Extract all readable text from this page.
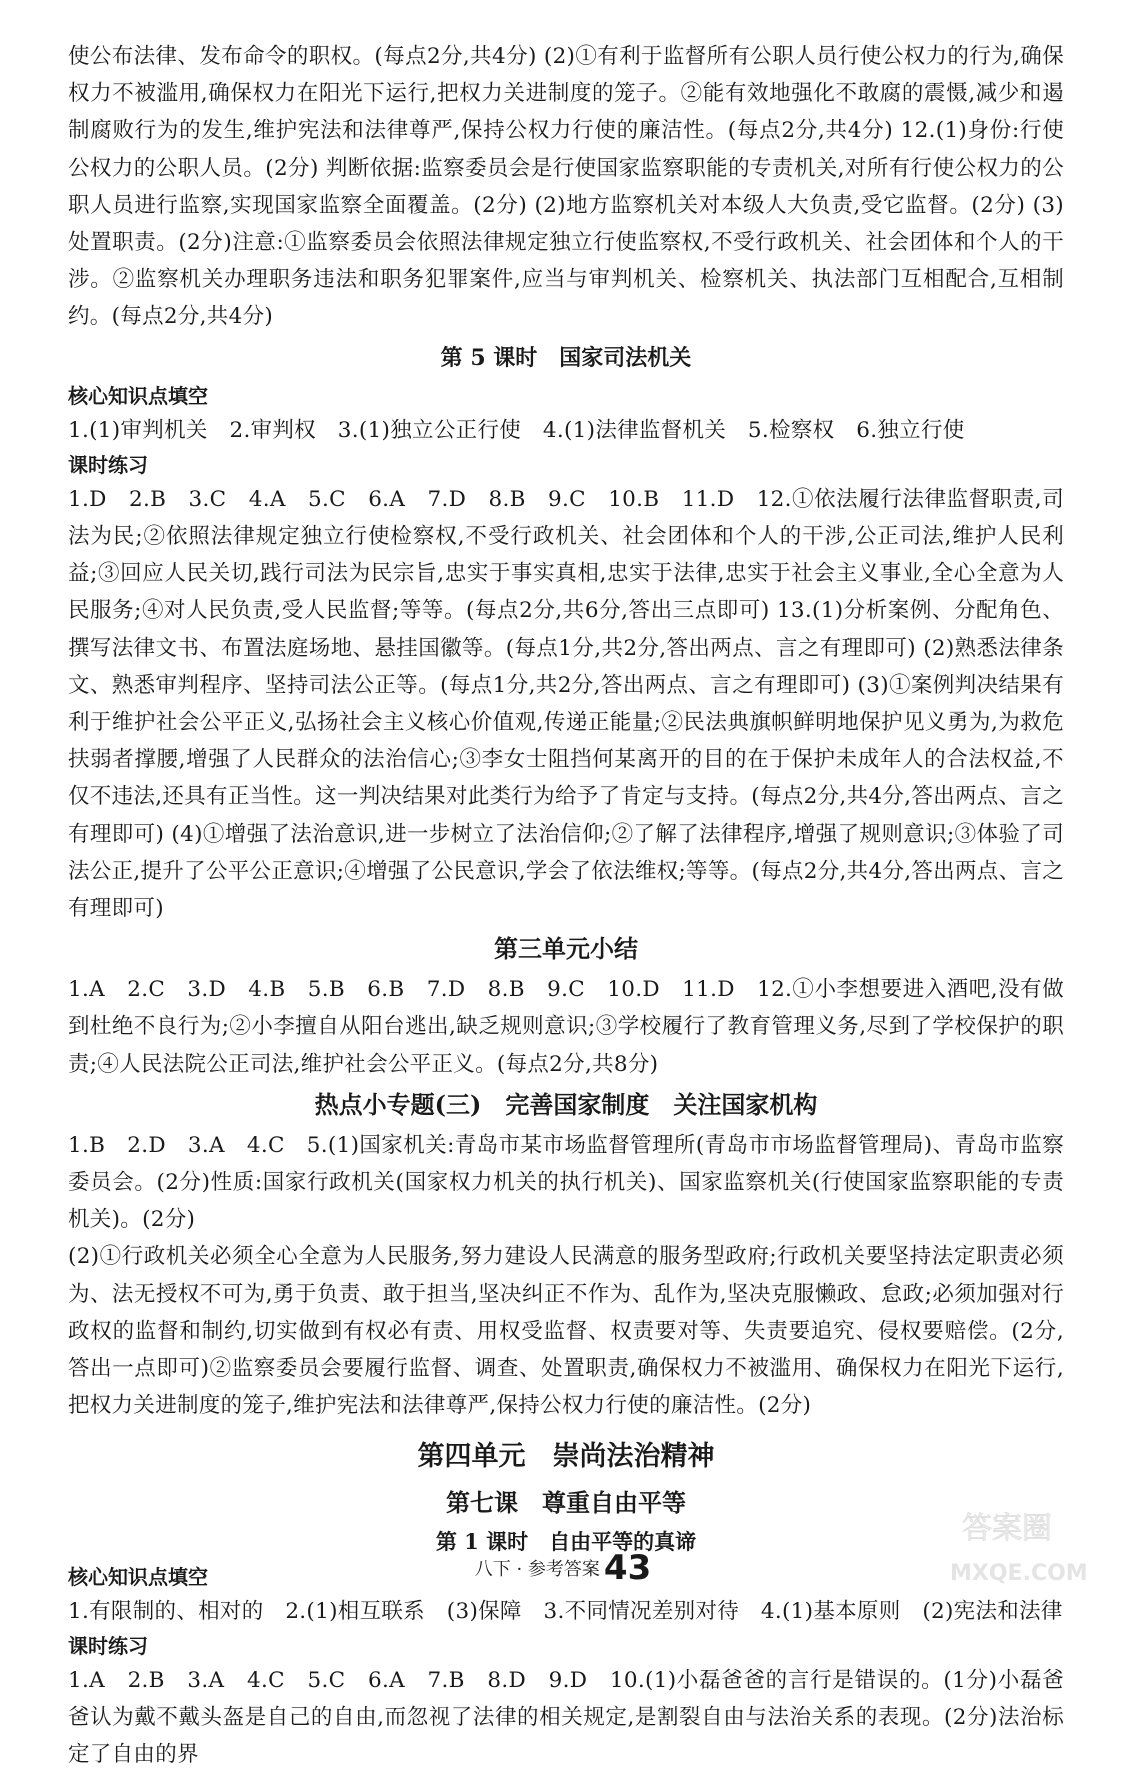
使公布法律、发布命令的职权。(每点2分,共4分) (2)①有利于监督所有公职人员行使公权力的行为,确保权力不被滥用,确保权力在阳光下运行,把权力关进制度的笼子。②能有效地强化不敢腐的震慑,减少和遏制腐败行为的发生,维护宪法和法律尊严,保持公权力行使的廉洁性。(每点2分,共4分) 12.(1)身份:行使公权力的公职人员。(2分) 判断依据:监察委员会是行使国家监察职能的专责机关,对所有行使公权力的公职人员进行监察,实现国家监察全面覆盖。(2分) (2)地方监察机关对本级人大负责,受它监督。(2分) (3)处置职责。(2分)注意:①监察委员会依照法律规定独立行使监察权,不受行政机关、社会团体和个人的干涉。②监察机关办理职务违法和职务犯罪案件,应当与审判机关、检察机关、执法部门互相配合,互相制约。(每点2分,共4分)

第 5 课时　国家司法机关
核心知识点填空

1.(1)审判机关　2.审判权　3.(1)独立公正行使　4.(1)法律监督机关　5.检察权　6.独立行使

课时练习

1.D　2.B　3.C　4.A　5.C　6.A　7.D　8.B　9.C　10.B　11.D　12.①依法履行法律监督职责,司法为民;②依照法律规定独立行使检察权,不受行政机关、社会团体和个人的干涉,公正司法,维护人民利益;③回应人民关切,践行司法为民宗旨,忠实于事实真相,忠实于法律,忠实于社会主义事业,全心全意为人民服务;④对人民负责,受人民监督;等等。(每点2分,共6分,答出三点即可) 13.(1)分析案例、分配角色、撰写法律文书、布置法庭场地、悬挂国徽等。(每点1分,共2分,答出两点、言之有理即可) (2)熟悉法律条文、熟悉审判程序、坚持司法公正等。(每点1分,共2分,答出两点、言之有理即可) (3)①案例判决结果有利于维护社会公平正义,弘扬社会主义核心价值观,传递正能量;②民法典旗帜鲜明地保护见义勇为,为救危扶弱者撑腰,增强了人民群众的法治信心;③李女士阻挡何某离开的目的在于保护未成年人的合法权益,不仅不违法,还具有正当性。这一判决结果对此类行为给予了肯定与支持。(每点2分,共4分,答出两点、言之有理即可) (4)①增强了法治意识,进一步树立了法治信仰;②了解了法律程序,增强了规则意识;③体验了司法公正,提升了公平公正意识;④增强了公民意识,学会了依法维权;等等。(每点2分,共4分,答出两点、言之有理即可)

第三单元小结

1.A　2.C　3.D　4.B　5.B　6.B　7.D　8.B　9.C　10.D　11.D　12.①小李想要进入酒吧,没有做到杜绝不良行为;②小李擅自从阳台逃出,缺乏规则意识;③学校履行了教育管理义务,尽到了学校保护的职责;④人民法院公正司法,维护社会公平正义。(每点2分,共8分)

热点小专题(三)　完善国家制度　关注国家机构

1.B　2.D　3.A　4.C　5.(1)国家机关:青岛市某市场监督管理所(青岛市市场监督管理局)、青岛市监察委员会。(2分)性质:国家行政机关(国家权力机关的执行机关)、国家监察机关(行使国家监察职能的专责机关)。(2分)

(2)①行政机关必须全心全意为人民服务,努力建设人民满意的服务型政府;行政机关要坚持法定职责必须为、法无授权不可为,勇于负责、敢于担当,坚决纠正不作为、乱作为,坚决克服懒政、怠政;必须加强对行政权的监督和制约,切实做到有权必有责、用权受监督、权责要对等、失责要追究、侵权要赔偿。(2分,答出一点即可)②监察委员会要履行监督、调查、处置职责,确保权力不被滥用、确保权力在阳光下运行,把权力关进制度的笼子,维护宪法和法律尊严,保持公权力行使的廉洁性。(2分)

第四单元　崇尚法治精神
第七课　尊重自由平等
第 1 课时　自由平等的真谛
核心知识点填空

1.有限制的、相对的　2.(1)相互联系　(3)保障　3.不同情况差别对待　4.(1)基本原则　(2)宪法和法律

课时练习

1.A　2.B　3.A　4.C　5.C　6.A　7.B　8.D　9.D　10.(1)小磊爸爸的言行是错误的。(1分)小磊爸爸认为戴不戴头盔是自己的自由,而忽视了法律的相关规定,是割裂自由与法治关系的表现。(2分)法治标定了自由的界

八下 · 参考答案 43
答案圈
MXQE.COM
